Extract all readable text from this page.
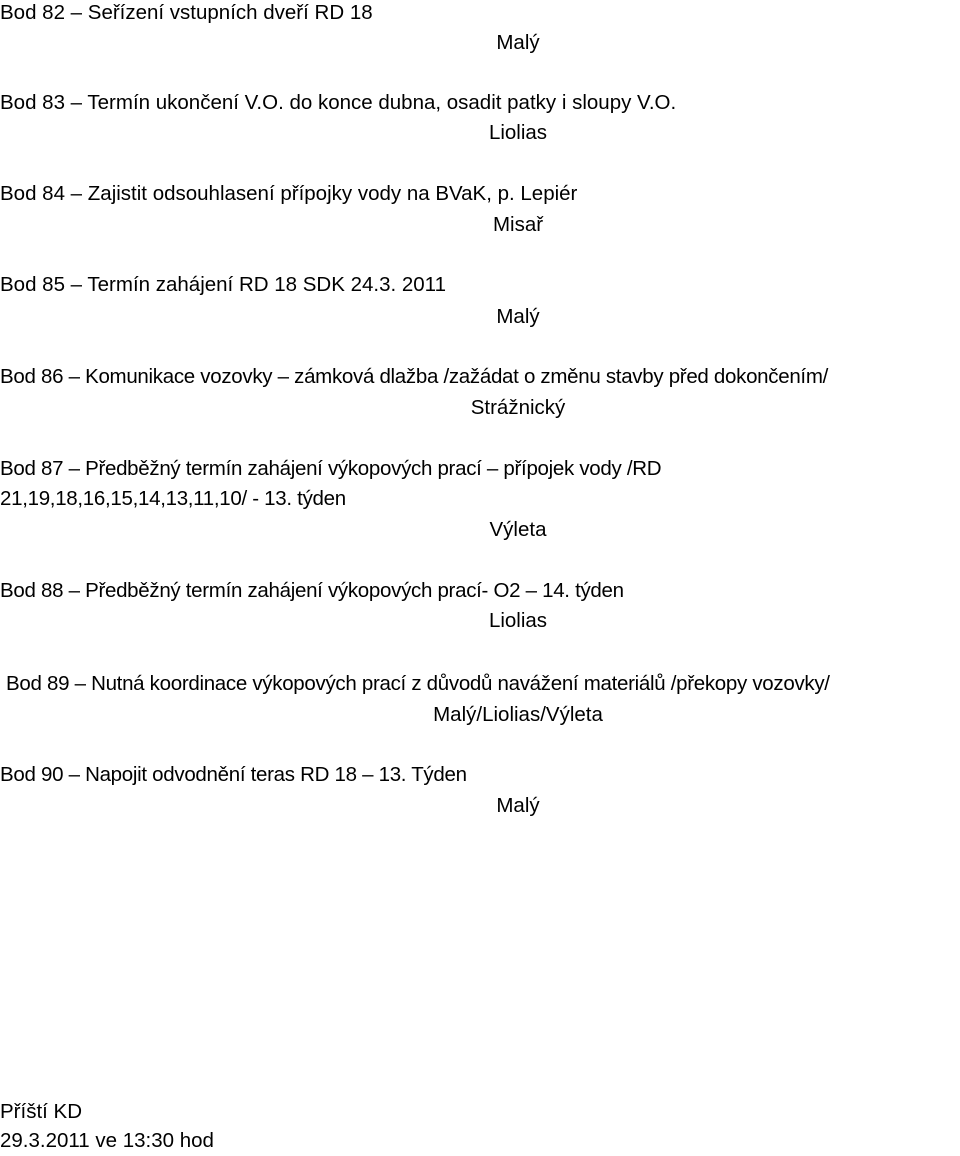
Bod 82 – Seřízení vstupních dveří RD 18
Malý
Bod 83 – Termín ukončení V.O. do konce dubna, osadit patky i sloupy V.O.
Liolias
Bod 84 – Zajistit odsouhlasení přípojky vody na BVaK, p. Lepiér
Misař
Bod 85 – Termín zahájení RD 18 SDK 24.3. 2011
Malý
Bod 86 – Komunikace vozovky – zámková dlažba /zažádat o změnu stavby před dokončením/
Strážnický
Bod 87 – Předběžný termín zahájení výkopových prací – přípojek vody /RD
21,19,18,16,15,14,13,11,10/ - 13. týden
Výleta
Bod 88 – Předběžný termín zahájení výkopových prací- O2 – 14. týden
Liolias
Bod 89 – Nutná koordinace výkopových prací z důvodů navážení materiálů /překopy vozovky/
Malý/Liolias/Výleta
Bod 90 – Napojit odvodnění teras RD 18 – 13. Týden
Malý
Příští KD
29.3.2011 ve 13:30 hod
